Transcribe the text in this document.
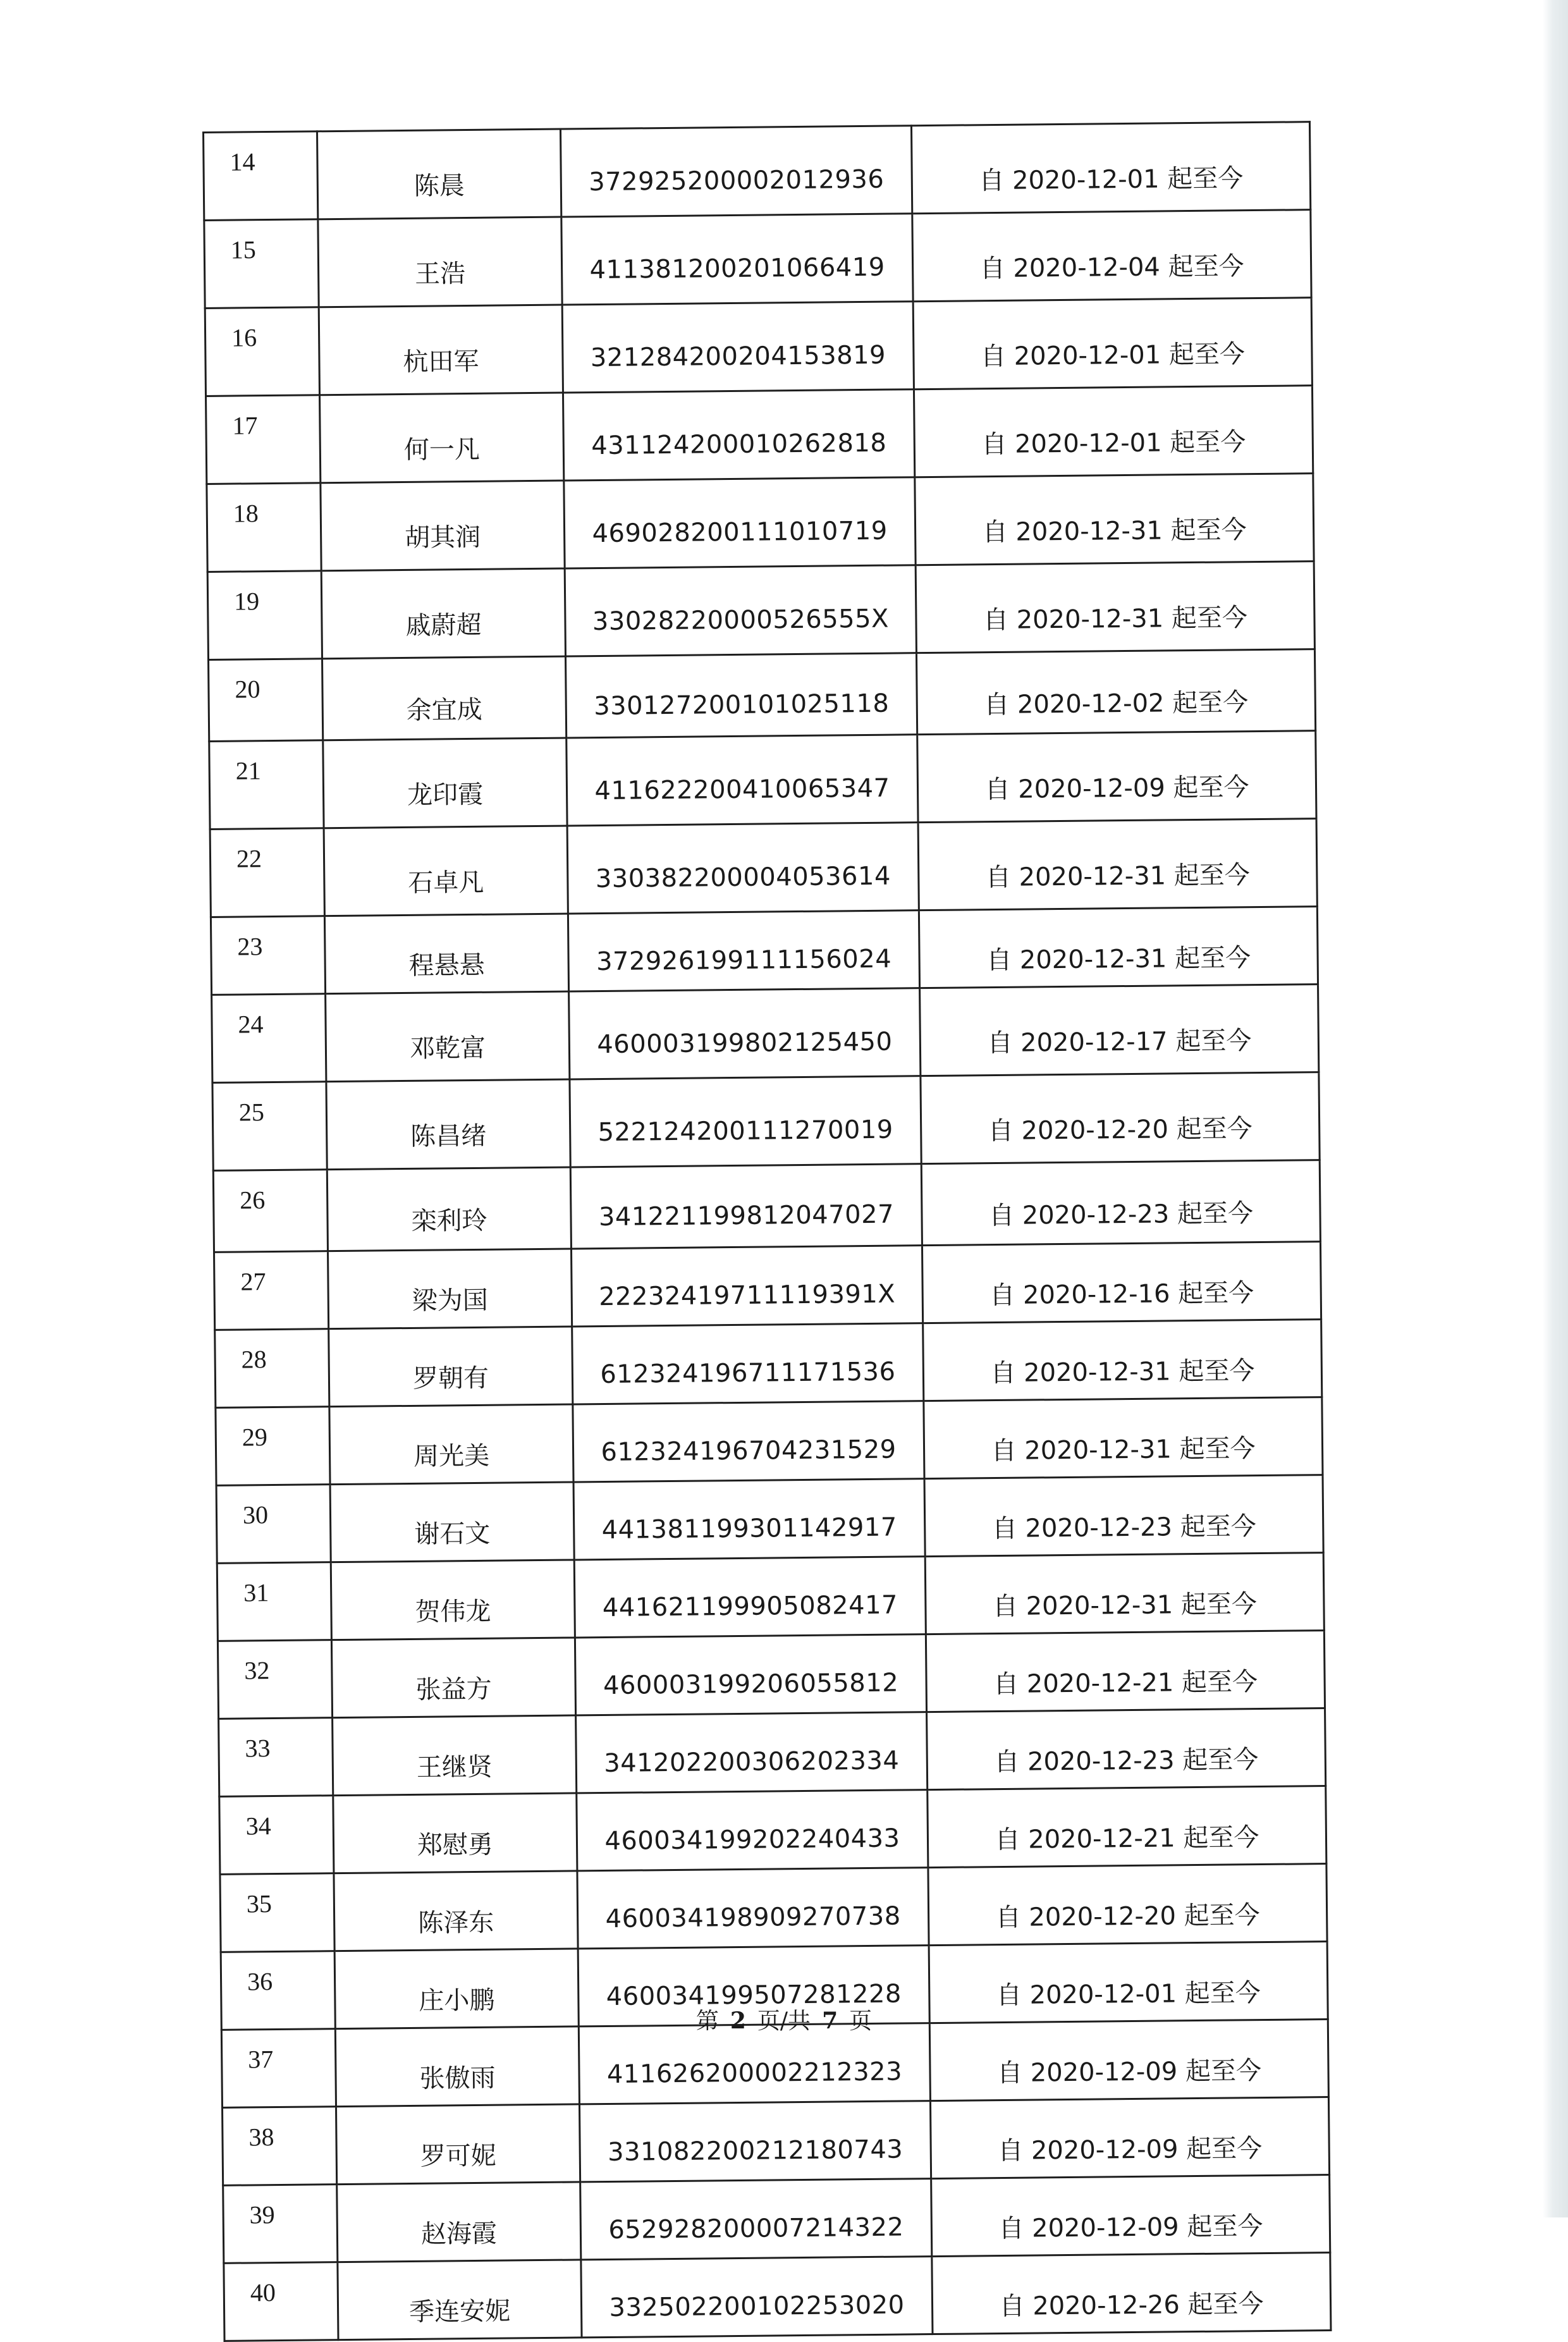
14	陈晨	372925200002012936	自 2020-12-01 起至今
15	王浩	411381200201066419	自 2020-12-04 起至今
16	杭田军	321284200204153819	自 2020-12-01 起至今
17	何一凡	431124200010262818	自 2020-12-01 起至今
18	胡其润	469028200111010719	自 2020-12-31 起至今
19	戚蔚超	33028220000526555X	自 2020-12-31 起至今
20	余宜成	330127200101025118	自 2020-12-02 起至今
21	龙印霞	411622200410065347	自 2020-12-09 起至今
22	石卓凡	330382200004053614	自 2020-12-31 起至今
23	程悬悬	372926199111156024	自 2020-12-31 起至今
24	邓乾富	460003199802125450	自 2020-12-17 起至今
25	陈昌绪	522124200111270019	自 2020-12-20 起至今
26	栾利玲	341221199812047027	自 2020-12-23 起至今
27	梁为国	22232419711119391X	自 2020-12-16 起至今
28	罗朝有	612324196711171536	自 2020-12-31 起至今
29	周光美	612324196704231529	自 2020-12-31 起至今
30	谢石文	441381199301142917	自 2020-12-23 起至今
31	贺伟龙	441621199905082417	自 2020-12-31 起至今
32	张益方	460003199206055812	自 2020-12-21 起至今
33	王继贤	341202200306202334	自 2020-12-23 起至今
34	郑慰勇	460034199202240433	自 2020-12-21 起至今
35	陈泽东	460034198909270738	自 2020-12-20 起至今
36	庄小鹏	460034199507281228	自 2020-12-01 起至今
37	张傲雨	411626200002212323	自 2020-12-09 起至今
38	罗可妮	331082200212180743	自 2020-12-09 起至今
39	赵海霞	652928200007214322	自 2020-12-09 起至今
40	季连安妮	332502200102253020	自 2020-12-26 起至今
第 2 页/共 7 页
